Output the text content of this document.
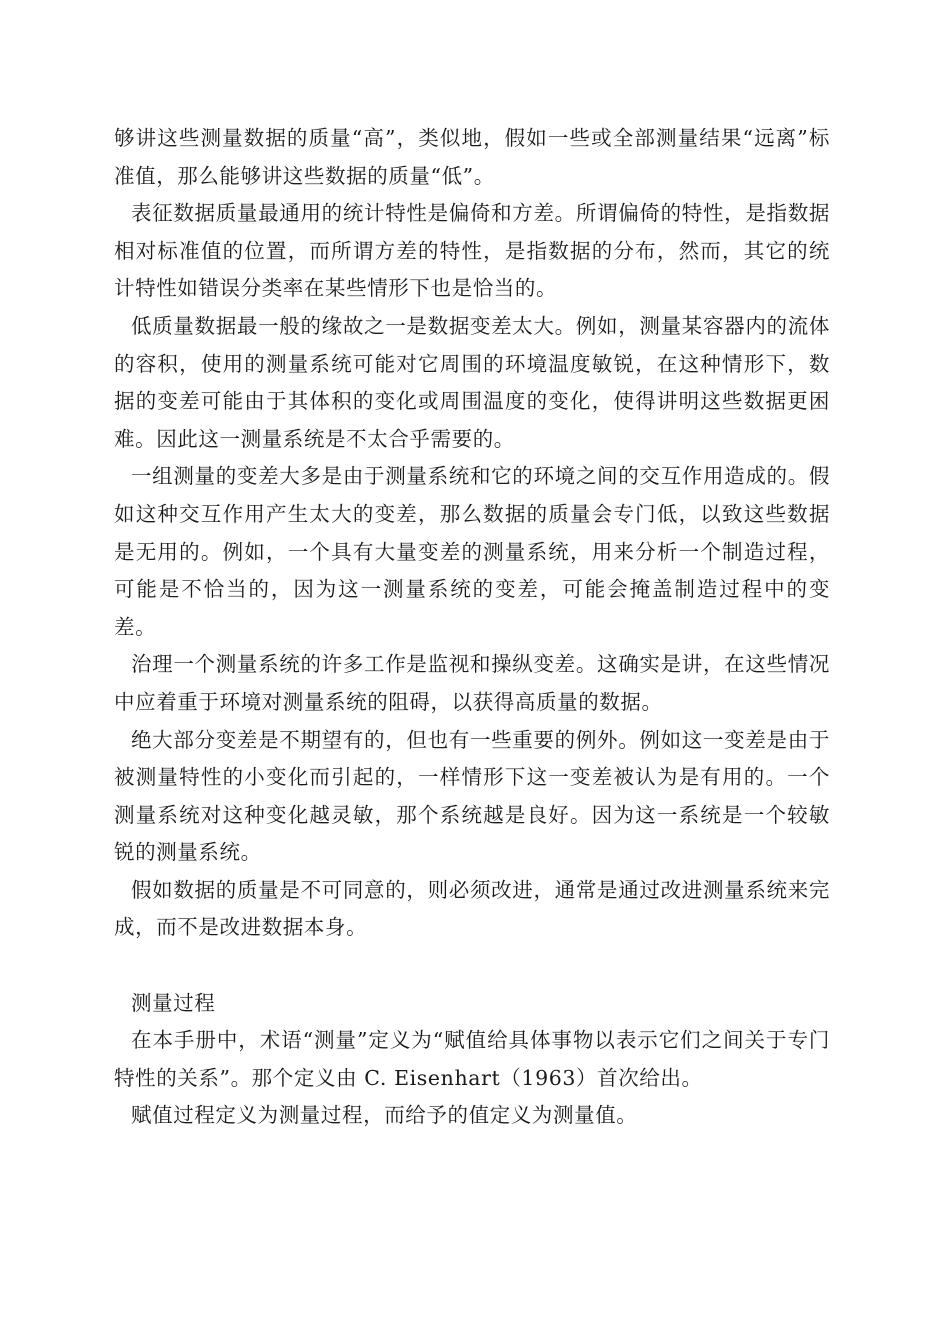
够讲这些测量数据的质量“高”，类似地，假如一些或全部测量结果“远离”标准值，那么能够讲这些数据的质量“低”。

表征数据质量最通用的统计特性是偏倚和方差。所谓偏倚的特性，是指数据相对标准值的位置，而所谓方差的特性，是指数据的分布，然而，其它的统计特性如错误分类率在某些情形下也是恰当的。

低质量数据最一般的缘故之一是数据变差太大。例如，测量某容器内的流体的容积，使用的测量系统可能对它周围的环境温度敏锐，在这种情形下，数据的变差可能由于其体积的变化或周围温度的变化，使得讲明这些数据更困难。因此这一测量系统是不太合乎需要的。

一组测量的变差大多是由于测量系统和它的环境之间的交互作用造成的。假如这种交互作用产生太大的变差，那么数据的质量会专门低，以致这些数据是无用的。例如，一个具有大量变差的测量系统，用来分析一个制造过程，可能是不恰当的，因为这一测量系统的变差，可能会掩盖制造过程中的变差。

治理一个测量系统的许多工作是监视和操纵变差。这确实是讲，在这些情况中应着重于环境对测量系统的阻碍，以获得高质量的数据。

绝大部分变差是不期望有的，但也有一些重要的例外。例如这一变差是由于被测量特性的小变化而引起的，一样情形下这一变差被认为是有用的。一个测量系统对这种变化越灵敏，那个系统越是良好。因为这一系统是一个较敏锐的测量系统。

假如数据的质量是不可同意的，则必须改进，通常是通过改进测量系统来完成，而不是改进数据本身。

测量过程

在本手册中，术语“测量”定义为“赋值给具体事物以表示它们之间关于专门特性的关系”。那个定义由 C. Eisenhart（1963）首次给出。

赋值过程定义为测量过程，而给予的值定义为测量值。
